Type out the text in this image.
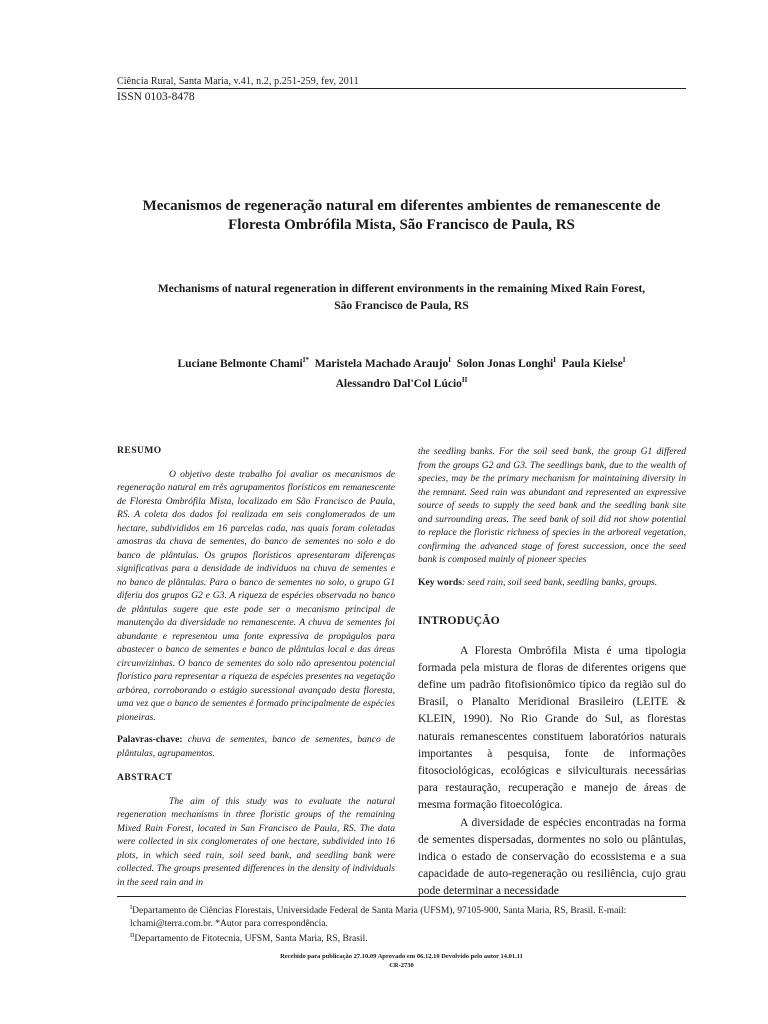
Ciência Rural, Santa Maria, v.41, n.2, p.251-259, fev, 2011
ISSN 0103-8478
Mecanismos de regeneração natural em diferentes ambientes de remanescente de
Floresta Ombrófila Mista, São Francisco de Paula, RS
Mechanisms of natural regeneration in different environments in the remaining Mixed Rain Forest,
São Francisco de Paula, RS
Luciane Belmonte Chami$^{I*}$ Maristela Machado Araujo$^I$ Solon Jonas Longhi$^I$ Paula Kielse$^I$
Alessandro Dal'Col Lúcio$^{II}$
RESUMO

O objetivo deste trabalho foi avaliar os mecanismos de regeneração natural em três agrupamentos florísticos em remanescente de Floresta Ombrófila Mista, localizado em São Francisco de Paula, RS. A coleta dos dados foi realizada em seis conglomerados de um hectare, subdivididos em 16 parcelas cada, nas quais foram coletadas amostras da chuva de sementes, do banco de sementes no solo e do banco de plântulas. Os grupos florísticos apresentaram diferenças significativas para a densidade de indivíduos na chuva de sementes e no banco de plântulas. Para o banco de sementes no solo, o grupo G1 diferiu dos grupos G2 e G3. A riqueza de espécies observada no banco de plântulas sugere que este pode ser o mecanismo principal de manutenção da diversidade no remanescente. A chuva de sementes foi abundante e representou uma fonte expressiva de propágulos para abastecer o banco de sementes e banco de plântulas local e das áreas circunvizinhas. O banco de sementes do solo não apresentou potencial florístico para representar a riqueza de espécies presentes na vegetação arbórea, corroborando o estágio sucessional avançado desta floresta, uma vez que o banco de sementes é formado principalmente de espécies pioneiras.

Palavras-chave: chuva de sementes, banco de sementes, banco de plântulas, agrupamentos.

ABSTRACT

The aim of this study was to evaluate the natural regeneration mechanisms in three floristic groups of the remaining Mixed Rain Forest, located in San Francisco de Paula, RS. The data were collected in six conglomerates of one hectare, subdivided into 16 plots, in which seed rain, soil seed bank, and seedling bank were collected. The groups presented differences in the density of individuals in the seed rain and in

the seedling banks. For the soil seed bank, the group G1 differed from the groups G2 and G3. The seedlings bank, due to the wealth of species, may be the primary mechanism for maintaining diversity in the remnant. Seed rain was abundant and represented an expressive source of seeds to supply the seed bank and the seedling bank site and surrounding areas. The seed bank of soil did not show potential to replace the floristic richness of species in the arboreal vegetation, confirming the advanced stage of forest succession, once the seed bank is composed mainly of pioneer species

Key words: seed rain, soil seed bank, seedling banks, groups.

INTRODUÇÃO

A Floresta Ombrófila Mista é uma tipologia formada pela mistura de floras de diferentes origens que define um padrão fitofisionômico típico da região sul do Brasil, o Planalto Meridional Brasileiro (LEITE & KLEIN, 1990). No Rio Grande do Sul, as florestas naturais remanescentes constituem laboratórios naturais importantes à pesquisa, fonte de informações fitosociológicas, ecológicas e silviculturais necessárias para restauração, recuperação e manejo de áreas de mesma formação fitoecológica.

A diversidade de espécies encontradas na forma de sementes dispersadas, dormentes no solo ou plântulas, indica o estado de conservação do ecossistema e a sua capacidade de auto-regeneração ou resiliência, cujo grau pode determinar a necessidade

$^I$Departamento de Ciências Florestais, Universidade Federal de Santa Maria (UFSM), 97105-900, Santa Maria, RS, Brasil. E-mail: lchami@terra.com.br. *Autor para correspondência.
$^{II}$Departamento de Fitotecnia, UFSM, Santa Maria, RS, Brasil.
Recebido para publicação 27.10.09 Aprovado em 06.12.10 Devolvido pelo autor 14.01.11
CR-2730
